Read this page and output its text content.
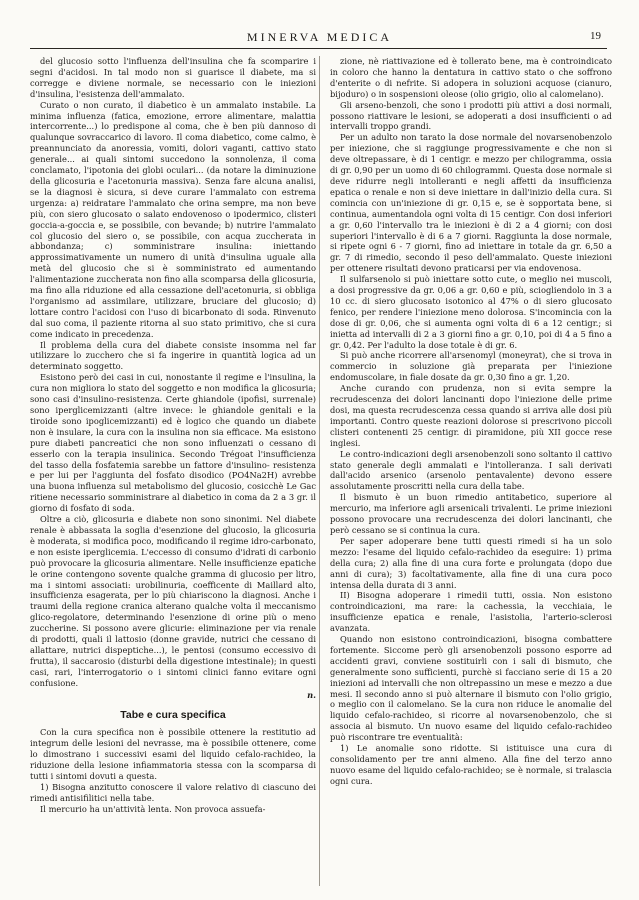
MINERVA MEDICA	19

del glucosio sotto l'influenza dell'insulina che fa scomparire i segni d'acidosi. In tal modo non si guarisce il diabete, ma si corregge e diviene normale, se necessario con le iniezioni d'insulina, l'esistenza dell'ammalato.

Curato o non curato, il diabetico è un ammalato instabile. La minima influenza (fatica, emozione, errore alimentare, malattia intercorrente...) lo predispone al coma, che è ben più dannoso di qualunque sovraccarico di lavoro. Il coma diabetico, come calmo, è preannunciato da anoressia, vomiti, dolori vaganti, cattivo stato generale... ai quali sintomi succedono la sonnolenza, il coma conclamato, l'ipotonia dei globi oculari... (da notare la diminuzione della glicosuria e l'acetonuria massiva). Senza fare alcuna analisi, se la diagnosi è sicura, si deve curare l'ammalato con estrema urgenza: a) reidratare l'ammalato che orina sempre, ma non beve più, con siero glucosato o salato endovenoso o ipodermico, clisteri goccia-a-goccia e, se possibile, con bevande; b) nutrire l'ammalato col glucosio del siero o, se possibile, con acqua zuccherata in abbondanza; c) somministrare insulina: iniettando approssimativamente un numero di unità d'insulina uguale alla metà del glucosio che si è somministrato ed aumentando l'alimentazione zuccherata non fino alla scomparsa della glicosuria, ma fino alla riduzione ed alla cessazione dell'acetonuria, si obbliga l'organismo ad assimilare, utilizzare, bruciare del glucosio; d) lottare contro l'acidosi con l'uso di bicarbonato di soda. Rinvenuto dal suo coma, il paziente ritorna al suo stato primitivo, che si cura come indicato in precedenza.

Il problema della cura del diabete consiste insomma nel far utilizzare lo zucchero che si fa ingerire in quantità logica ad un determinato soggetto.

Esistono però dei casi in cui, nonostante il regime e l'insulina, la cura non migliora lo stato del soggetto e non modifica la glicosuria; sono casi d'insulino-resistenza. Certe ghiandole (ipofisi, surrenale) sono iperglicemizzanti (altre invece: le ghiandole genitali e la tiroide sono ipoglicemizzanti) ed è logico che quando un diabete non è insulare, la cura con la insulina non sia efficace. Ma esistono pure diabeti pancreatici che non sono influenzati o cessano di esserlo con la terapia insulinica. Secondo Trégoat l'insufficienza del tasso della fosfatemia sarebbe un fattore d'insulino- resistenza e per lui per l'aggiunta del fosfato disodico (PO4Na2H) avrebbe una buona influenza sul metabolismo del glucosio, cosicchè Le Gac ritiene necessario somministrare al diabetico in coma da 2 a 3 gr. il giorno di fosfato di soda.

Oltre a ciò, glicosuria e diabete non sono sinonimi. Nel diabete renale è abbassata la soglia d'esenzione del glucosio, la glicosuria è moderata, si modifica poco, modificando il regime idro-carbonato, e non esiste iperglicemia. L'eccesso di consumo d'idrati di carbonio può provocare la glicosuria alimentare. Nelle insufficienze epatiche le orine contengono sovente qualche gramma di glucosio per litro, ma i sintomi associati: urobilinuria, coefficente di Maillard alto, insufficienza esagerata, per lo più chiariscono la diagnosi. Anche i traumi della regione cranica alterano qualche volta il meccanismo glico-regolatore, determinando l'esenzione di orine più o meno zuccherine. Si possono avere glicurie: eliminazione per via renale di prodotti, quali il lattosio (donne gravide, nutrici che cessano di allattare, nutrici dispeptiche...), le pentosi (consumo eccessivo di frutta), il saccarosio (disturbi della digestione intestinale); in questi casi, rari, l'interrogatorio o i sintomi clinici fanno evitare ogni confusione.

n.

Tabe e cura specifica

Con la cura specifica non è possibile ottenere la restitutio ad integrum delle lesioni del nevrasse, ma è possibile ottenere, come lo dimostrano i successivi esami del liquido cefalo-rachideo, la riduzione della lesione infiammatoria stessa con la scomparsa di tutti i sintomi dovuti a questa.

1) Bisogna anzitutto conoscere il valore relativo di ciascuno dei rimedi antisifilitici nella tabe.

Il mercurio ha un'attività lenta. Non provoca assuefa-

zione, nè riattivazione ed è tollerato bene, ma è controindicato in coloro che hanno la dentatura in cattivo stato o che soffrono d'enterite o di nefrite. Si adopera in soluzioni acquose (cianuro, bijoduro) o in sospensioni oleose (olio grigio, olio al calomelano).

Gli arseno-benzoli, che sono i prodotti più attivi a dosi normali, possono riattivare le lesioni, se adoperati a dosi insufficienti o ad intervalli troppo grandi.

Per un adulto non tarato la dose normale del novarsenobenzolo per iniezione, che si raggiunge progressivamente e che non si deve oltrepassare, è di 1 centigr. e mezzo per chilogramma, ossia di gr. 0,90 per un uomo di 60 chilogrammi. Questa dose normale si deve ridurre negli intolleranti e negli affetti da insufficienza epatica o renale e non si deve iniettare in dall'inizio della cura. Si comincia con un'iniezione di gr. 0,15 e, se è sopportata bene, si continua, aumentandola ogni volta di 15 centigr. Con dosi inferiori a gr. 0,60 l'intervallo tra le iniezioni è di 2 a 4 giorni; con dosi superiori l'intervallo è di 6 a 7 giorni. Raggiunta la dose normale, si ripete ogni 6 - 7 giorni, fino ad iniettare in totale da gr. 6,50 a gr. 7 di rimedio, secondo il peso dell'ammalato. Queste iniezioni per ottenere risultati devono praticarsi per via endovenosa.

Il sulfarsenolo si può iniettare sotto cute, o meglio nei muscoli, a dosi progressive da gr. 0,06 a gr. 0,60 e più, sciogliendolo in 3 a 10 cc. di siero glucosato isotonico al 47% o di siero glucosato fenico, per rendere l'iniezione meno dolorosa. S'incomincia con la dose di gr. 0,06, che si aumenta ogni volta di 6 a 12 centigr.; si inietta ad intervalli di 2 a 3 giorni fino a gr. 0,10, poi di 4 a 5 fino a gr. 0,42. Per l'adulto la dose totale è di gr. 6.

Si può anche ricorrere all'arsenomyl (moneyrat), che si trova in commercio in soluzione già preparata per l'iniezione endomuscolare, in fiale dosate da gr. 0,30 fino a gr. 1,20.

Anche curando con prudenza, non si evita sempre la recrudescenza dei dolori lancinanti dopo l'iniezione delle prime dosi, ma questa recrudescenza cessa quando si arriva alle dosi più importanti. Contro queste reazioni dolorose si prescrivono piccoli clisteri contenenti 25 centigr. di piramidone, più XII gocce rese inglesi.

Le contro-indicazioni degli arsenobenzoli sono soltanto il cattivo stato generale degli ammalati e l'intolleranza. I sali derivati dall'acido arsenico (arsenolo pentavalente) devono essere assolutamente proscritti nella cura della tabe.

Il bismuto è un buon rimedio antitabetico, superiore al mercurio, ma inferiore agli arsenicali trivalenti. Le prime iniezioni possono provocare una recrudescenza dei dolori lancinanti, che però cessano se si continua la cura.

Per saper adoperare bene tutti questi rimedi si ha un solo mezzo: l'esame del liquido cefalo-rachideo da eseguire: 1) prima della cura; 2) alla fine di una cura forte e prolungata (dopo due anni di cura); 3) facoltativamente, alla fine di una cura poco intensa della durata di 3 anni.

II) Bisogna adoperare i rimedii tutti, ossia. Non esistono controindicazioni, ma rare: la cachessia, la vecchiaia, le insufficienze epatica e renale, l'asistolia, l'arterio-sclerosi avanzata.

Quando non esistono controindicazioni, bisogna combattere fortemente. Siccome però gli arsenobenzoli possono esporre ad accidenti gravi, conviene sostituirli con i sali di bismuto, che generalmente sono sufficienti, purchè si facciano serie di 15 a 20 iniezioni ad intervalli che non oltrepassino un mese e mezzo a due mesi. Il secondo anno si può alternare il bismuto con l'olio grigio, o meglio con il calomelano. Se la cura non riduce le anomalie del liquido cefalo-rachideo, si ricorre al novarsenobenzolo, che si associa al bismuto. Un nuovo esame del liquido cefalo-rachideo può riscontrare tre eventualità:

1) Le anomalie sono ridotte. Si istituisce una cura di consolidamento per tre anni almeno. Alla fine del terzo anno nuovo esame del liquido cefalo-rachideo; se è normale, si tralascia ogni cura.
